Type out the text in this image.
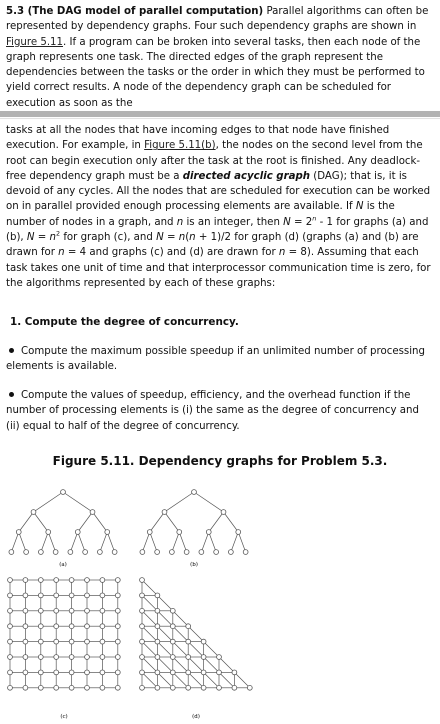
5.3 (The DAG model of parallel computation) Parallel algorithms can often be represented by dependency graphs. Four such dependency graphs are shown in Figure 5.11. If a program can be broken into several tasks, then each node of the graph represents one task. The directed edges of the graph represent the dependencies between the tasks or the order in which they must be performed to yield correct results. A node of the dependency graph can be scheduled for execution as soon as the

tasks at all the nodes that have incoming edges to that node have finished execution. For example, in Figure 5.11(b), the nodes on the second level from the root can begin execution only after the task at the root is finished. Any deadlock-free dependency graph must be a directed acyclic graph (DAG); that is, it is devoid of any cycles. All the nodes that are scheduled for execution can be worked on in parallel provided enough processing elements are available. If N is the number of nodes in a graph, and n is an integer, then $N = 2^n - 1$ for graphs (a) and (b), $N = n^2$ for graph (c), and N = n(n + 1)/2 for graph (d) (graphs (a) and (b) are drawn for n = 4 and graphs (c) and (d) are drawn for n = 8). Assuming that each task takes one unit of time and that interprocessor communication time is zero, for the algorithms represented by each of these graphs:

1. Compute the degree of concurrency.

Compute the maximum possible speedup if an unlimited number of processing elements is available.

Compute the values of speedup, efficiency, and the overhead function if the number of processing elements is (i) the same as the degree of concurrency and (ii) equal to half of the degree of concurrency.

Figure 5.11. Dependency graphs for Problem 5.3.

(a)	(b)
(c)	(d)
